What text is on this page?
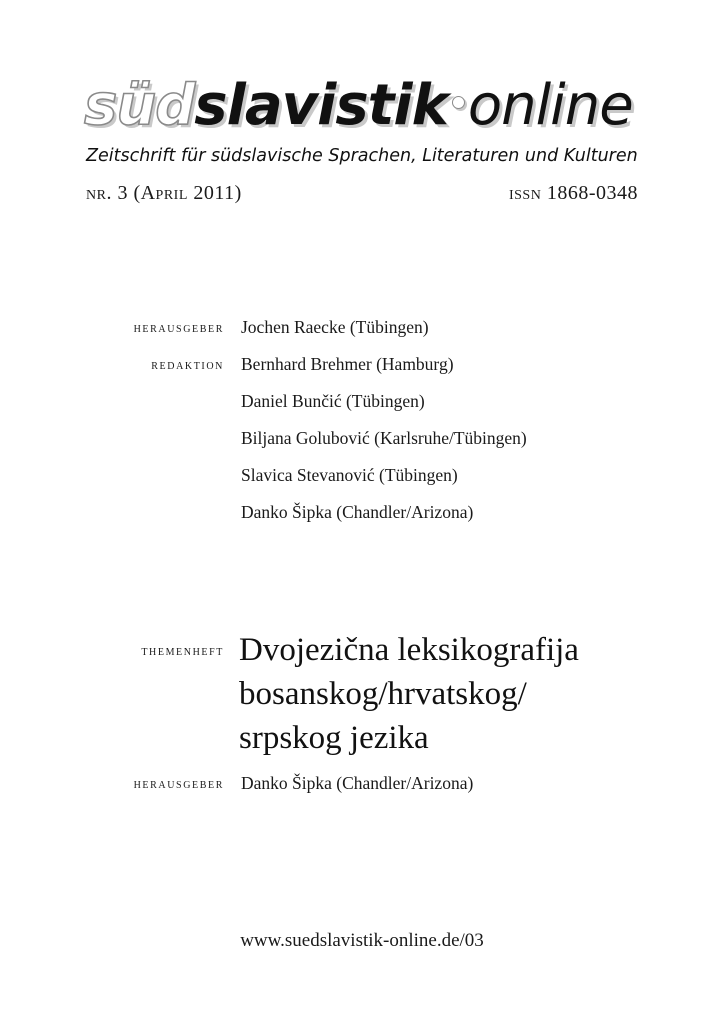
südslavistik online
Zeitschrift für südslavische Sprachen, Literaturen und Kulturen
nr. 3 (April 2011)	issn 1868-0348
herausgeber Jochen Raecke (Tübingen)
redaktion Bernhard Brehmer (Hamburg)
Daniel Bunčić (Tübingen)
Biljana Golubović (Karlsruhe/Tübingen)
Slavica Stevanović (Tübingen)
Danko Šipka (Chandler/Arizona)
themenheft Dvojezična leksikografija
bosanskog/hrvatskog/
srpskog jezika
herausgeber Danko Šipka (Chandler/Arizona)
www.suedslavistik-online.de/03
